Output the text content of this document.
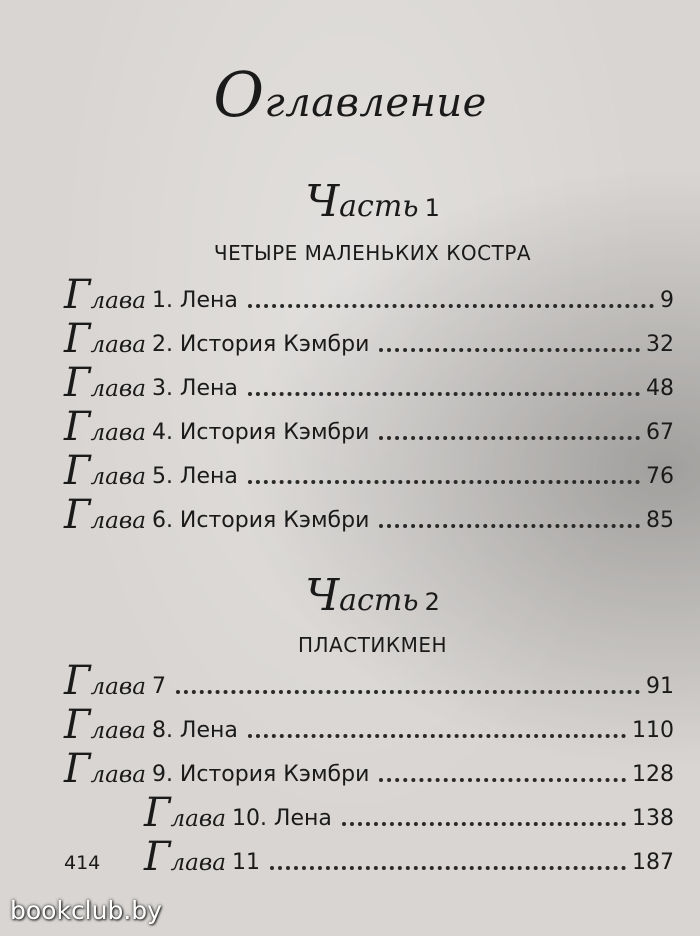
Оглавление
Часть 1
ЧЕТЫРЕ МАЛЕНЬКИХ КОСТРА
Г лава 1. Лена	9
Г лава 2. История Кэмбри	32
Г лава 3. Лена	48
Г лава 4. История Кэмбри	67
Г лава 5. Лена	76
Г лава 6. История Кэмбри	85
Часть 2
ПЛАСТИКМЕН
Г лава 7	91
Г лава 8. Лена	110
Г лава 9. История Кэмбри	128
Г лава 10. Лена	138
Г лава 11	187
414
bookclub.by
